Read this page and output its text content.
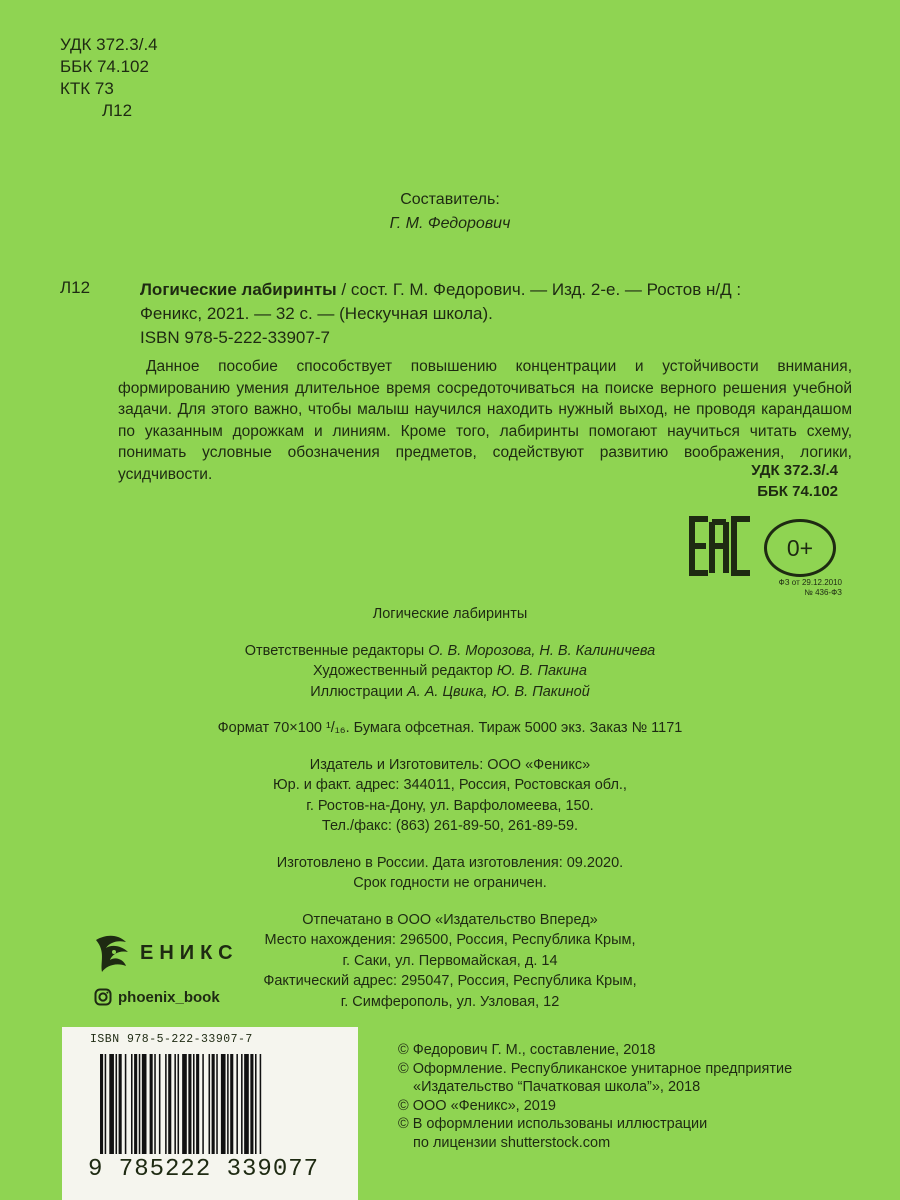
УДК 372.3/.4
ББК 74.102
КТК 73
Л12
Составитель:
Г. М. Федорович
Л12	Логические лабиринты / сост. Г. М. Федорович. — Изд. 2-е. — Ростов н/Д :
Феникс, 2021. — 32 с. — (Нескучная школа).
ISBN 978-5-222-33907-7
Данное пособие способствует повышению концентрации и устойчивости внимания, формированию умения длительное время сосредоточиваться на поиске верного решения учебной задачи. Для этого важно, чтобы малыш научился находить нужный выход, не проводя карандашом по указанным дорожкам и линиям. Кроме того, лабиринты помогают научиться читать схему, понимать условные обозначения предметов, содействуют развитию воображения, логики, усидчивости.	УДК 372.3/.4
ББК 74.102
0+
ФЗ от 29.12.2010
№ 436-ФЗ
Логические лабиринты
Ответственные редакторы О. В. Морозова, Н. В. Калиничева
Художественный редактор Ю. В. Пакина
Иллюстрации А. А. Цвика, Ю. В. Пакиной
Формат 70×100 ¹/₁₆. Бумага офсетная. Тираж 5000 экз. Заказ № 1171
Издатель и Изготовитель: ООО «Феникс»
Юр. и факт. адрес: 344011, Россия, Ростовская обл.,
г. Ростов-на-Дону, ул. Варфоломеева, 150.
Тел./факс: (863) 261-89-50, 261-89-59.
Изготовлено в России. Дата изготовления: 09.2020.
Срок годности не ограничен.
Отпечатано в ООО «Издательство Вперед»
Место нахождения: 296500, Россия, Республика Крым,
г. Саки, ул. Первомайская, д. 14
Фактический адрес: 295047, Россия, Республика Крым,
г. Симферополь, ул. Узловая, 12
ЕНИКС
phoenix_book
ISBN 978-5-222-33907-7
9 785222 339077
© Федорович Г. М., составление, 2018
© Оформление. Республиканское унитарное предприятие
«Издательство “Пачатковая школа”», 2018
© ООО «Феникс», 2019
© В оформлении использованы иллюстрации
по лицензии shutterstock.com
